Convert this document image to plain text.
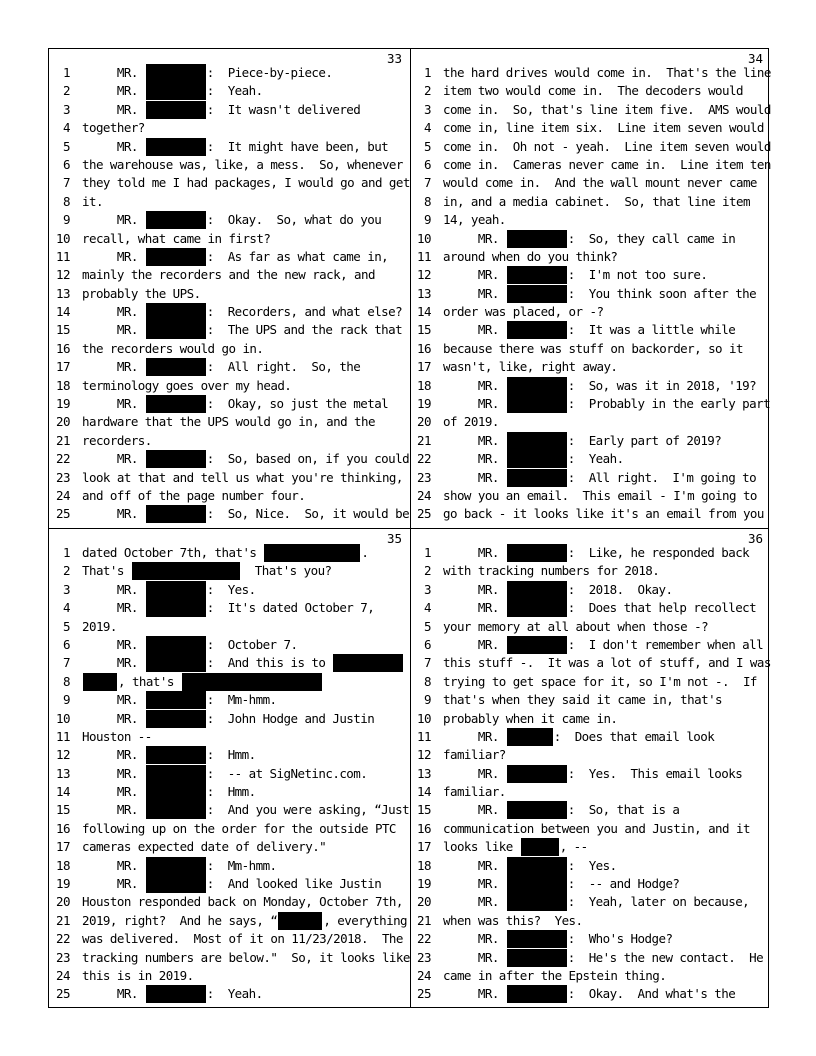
33
1 MR.	:  Piece-by-piece.
2 MR.	:  Yeah.
3 MR.	:  It wasn't delivered
4 together?
5 MR.	:  It might have been, but
6 the warehouse was, like, a mess.  So, whenever
7 they told me I had packages, I would go and get
8 it.
9 MR.	:  Okay.  So, what do you
10 recall, what came in first?
11 MR.	:  As far as what came in,
12 mainly the recorders and the new rack, and
13 probably the UPS.
14 MR.	:  Recorders, and what else?
15 MR.	:  The UPS and the rack that
16 the recorders would go in.
17 MR.	:  All right.  So, the
18 terminology goes over my head.
19 MR.	:  Okay, so just the metal
20 hardware that the UPS would go in, and the
21 recorders.
22 MR.	:  So, based on, if you could
23 look at that and tell us what you're thinking,
24 and off of the page number four.
25 MR.	:  So, Nice.  So, it would be
34
1 the hard drives would come in.  That's the line
2 item two would come in.  The decoders would
3 come in.  So, that's line item five.  AMS would
4 come in, line item six.  Line item seven would
5 come in.  Oh not - yeah.  Line item seven would
6 come in.  Cameras never came in.  Line item ten
7 would come in.  And the wall mount never came
8 in, and a media cabinet.  So, that line item
9 14, yeah.
10 MR.	:  So, they call came in
11 around when do you think?
12 MR.	:  I'm not too sure.
13 MR.	:  You think soon after the
14 order was placed, or -?
15 MR.	:  It was a little while
16 because there was stuff on backorder, so it
17 wasn't, like, right away.
18 MR.	:  So, was it in 2018, '19?
19 MR.	:  Probably in the early part
20 of 2019.
21 MR.	:  Early part of 2019?
22 MR.	:  Yeah.
23 MR.	:  All right.  I'm going to
24 show you an email.  This email - I'm going to
25 go back - it looks like it's an email from you
35
1 dated October 7th, that's	.
2 That's	That's you?
3 MR.	:  Yes.
4 MR.	:  It's dated October 7,
5 2019.
6 MR.	:  October 7.
7 MR.	:  And this is to
8	, that's
9 MR.	:  Mm-hmm.
10 MR.	:  John Hodge and Justin
11 Houston --
12 MR.	:  Hmm.
13 MR.	:  -- at SigNetinc.com.
14 MR.	:  Hmm.
15 MR.	:  And you were asking, “Just
16 following up on the order for the outside PTC
17 cameras expected date of delivery."
18 MR.	:  Mm-hmm.
19 MR.	:  And looked like Justin
20 Houston responded back on Monday, October 7th,
21 2019, right?  And he says, “	, everything
22 was delivered.  Most of it on 11/23/2018.  The
23 tracking numbers are below."  So, it looks like
24 this is in 2019.
25 MR.	:  Yeah.
36
1 MR.	:  Like, he responded back
2 with tracking numbers for 2018.
3 MR.	:  2018.  Okay.
4 MR.	:  Does that help recollect
5 your memory at all about when those -?
6 MR.	:  I don't remember when all
7 this stuff -.  It was a lot of stuff, and I was
8 trying to get space for it, so I'm not -.  If
9 that's when they said it came in, that's
10 probably when it came in.
11 MR.	:  Does that email look
12 familiar?
13 MR.	:  Yes.  This email looks
14 familiar.
15 MR.	:  So, that is a
16 communication between you and Justin, and it
17 looks like	, --
18 MR.	:  Yes.
19 MR.	:  -- and Hodge?
20 MR.	:  Yeah, later on because,
21 when was this?  Yes.
22 MR.	:  Who's Hodge?
23 MR.	:  He's the new contact.  He
24 came in after the Epstein thing.
25 MR.	:  Okay.  And what's the
